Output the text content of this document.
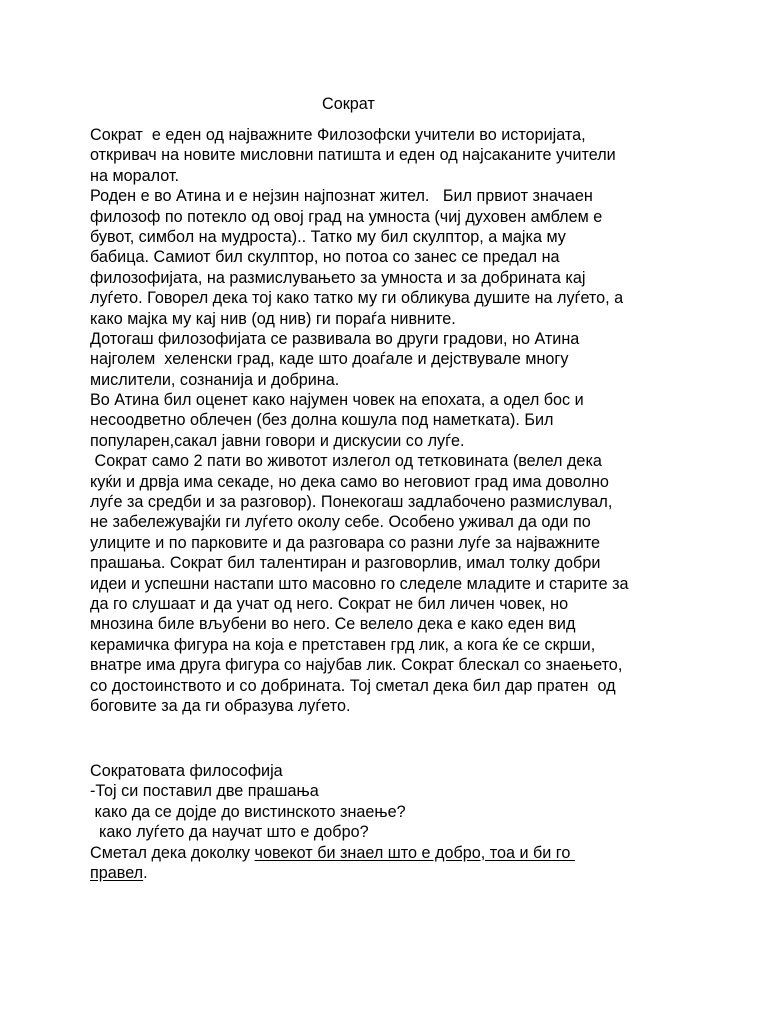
Сократ
Сократ  е еден од најважните Филозофски учители во историјата,
откривач на новите мисловни патишта и еден од најсаканите учители
на моралот.
Роден е во Атина и е нејзин најпознат жител.   Бил првиот значаен
филозоф по потекло од овој град на умноста (чиј духовен амблем е
бувот, симбол на мудроста).. Татко му бил скулптор, а мајка му
бабица. Самиот бил скулптор, но потоа со занес се предал на
филозофијата, на размислувањето за умноста и за добрината кај
луѓето. Говорел дека тој како татко му ги обликува душите на луѓето, а
како мајка му кај нив (од нив) ги пораѓа нивните.
Дотогаш филозофијата се развивала во други градови, но Атина
најголем  хеленски град, каде што доаѓале и дејствувале многу
мислители, сознанија и добрина.
Во Атина бил оценет како најумен човек на епохата, а одел бос и
несоодветно облечен (без долна кошула под наметката). Бил
популарен,сакал јавни говори и дискусии со луѓе.
Сократ само 2 пати во животот излегол од тетковината (велел дека
куќи и дрвја има секаде, но дека само во неговиот град има доволно
луѓе за средби и за разговор). Понекогаш задлабочено размислувал,
не забележувајќи ги луѓето околу себе. Особено уживал да оди по
улиците и по парковите и да разговара со разни луѓе за најважните
прашања. Сократ бил талентиран и разговорлив, имал толку добри
идеи и успешни настапи што масовно го следеле младите и старите за
да го слушаат и да учат од него. Сократ не бил личен човек, но
мнозина биле вљубени во него. Се велело дека е како еден вид
керамичка фигура на која е претставен грд лик, а кога ќе се скрши,
внатре има друга фигура со најубав лик. Сократ блескал со знаењето,
со достоинството и со добрината. Тој сметал дека бил дар пратен  од
боговите за да ги образува луѓето.
Сократовата философија
-Тој си поставил две прашања
како да се дојде до вистинското знаење?
како луѓето да научат што е добро?
Сметал дека доколку човекот би знаел што е добро, тоа и би го
правел.
